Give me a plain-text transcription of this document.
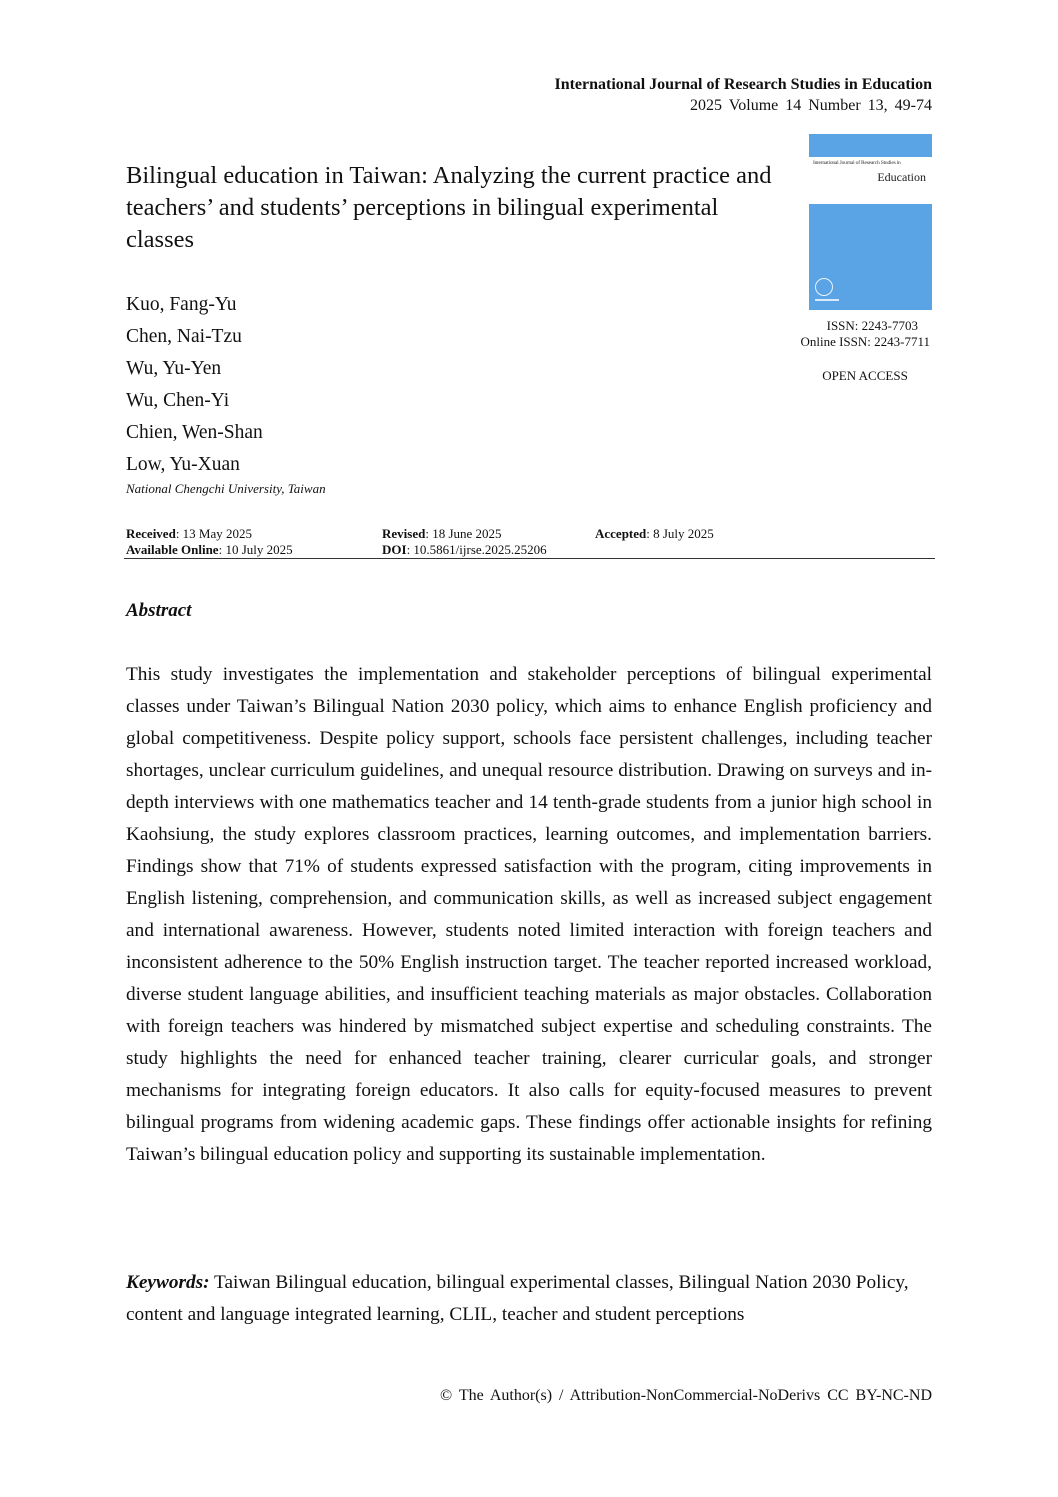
International Journal of Research Studies in Education
2025 Volume 14 Number 13, 49-74
Bilingual education in Taiwan: Analyzing the current practice and teachers’ and students’ perceptions in bilingual experimental classes
Kuo, Fang-Yu
Chen, Nai-Tzu
Wu, Yu-Yen
Wu, Chen-Yi
Chien, Wen-Shan
Low, Yu-Xuan
National Chengchi University, Taiwan
International Journal of Research Studies in
Education
ISSN: 2243-7703
Online ISSN: 2243-7711
OPEN ACCESS
Received: 13 May 2025	Revised: 18 June 2025	Accepted: 8 July 2025
Available Online: 10 July 2025	DOI: 10.5861/ijrse.2025.25206
Abstract

This study investigates the implementation and stakeholder perceptions of bilingual experimental classes under Taiwan’s Bilingual Nation 2030 policy, which aims to enhance English proficiency and global competitiveness. Despite policy support, schools face persistent challenges, including teacher shortages, unclear curriculum guidelines, and unequal resource distribution. Drawing on surveys and in-depth interviews with one mathematics teacher and 14 tenth-grade students from a junior high school in Kaohsiung, the study explores classroom practices, learning outcomes, and implementation barriers. Findings show that 71% of students expressed satisfaction with the program, citing improvements in English listening, comprehension, and communication skills, as well as increased subject engagement and international awareness. However, students noted limited interaction with foreign teachers and inconsistent adherence to the 50% English instruction target. The teacher reported increased workload, diverse student language abilities, and insufficient teaching materials as major obstacles. Collaboration with foreign teachers was hindered by mismatched subject expertise and scheduling constraints. The study highlights the need for enhanced teacher training, clearer curricular goals, and stronger mechanisms for integrating foreign educators. It also calls for equity-focused measures to prevent bilingual programs from widening academic gaps. These findings offer actionable insights for refining Taiwan’s bilingual education policy and supporting its sustainable implementation.

Keywords: Taiwan Bilingual education, bilingual experimental classes, Bilingual Nation 2030 Policy, content and language integrated learning, CLIL, teacher and student perceptions

© The Author(s) / Attribution-NonCommercial-NoDerivs CC BY-NC-ND
